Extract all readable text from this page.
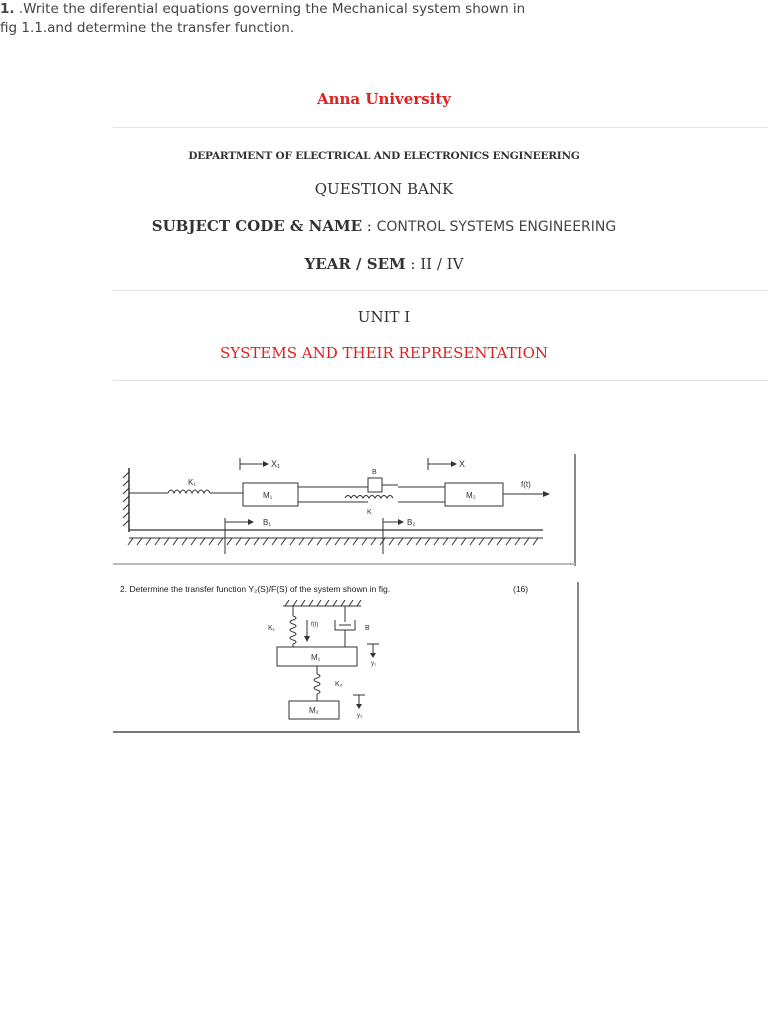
Anna University
DEPARTMENT OF ELECTRICAL AND ELECTRONICS ENGINEERING
QUESTION BANK
SUBJECT CODE & NAME : CONTROL SYSTEMS ENGINEERING
YEAR / SEM : II / IV
UNIT I
SYSTEMS AND THEIR REPRESENTATION
1. .Write the diferential equations governing the Mechanical system shown in fig 1.1.and determine the transfer function.
K₁
M₁
X₁
B
K
M₂
X
f(t)
B₁	B₂
2. Determine the transfer function Y₂(S)/F(S) of the system shown in fig.	(16)
K₁	f(t)	B
M₁
y₁
K₂
M₂
y₂
